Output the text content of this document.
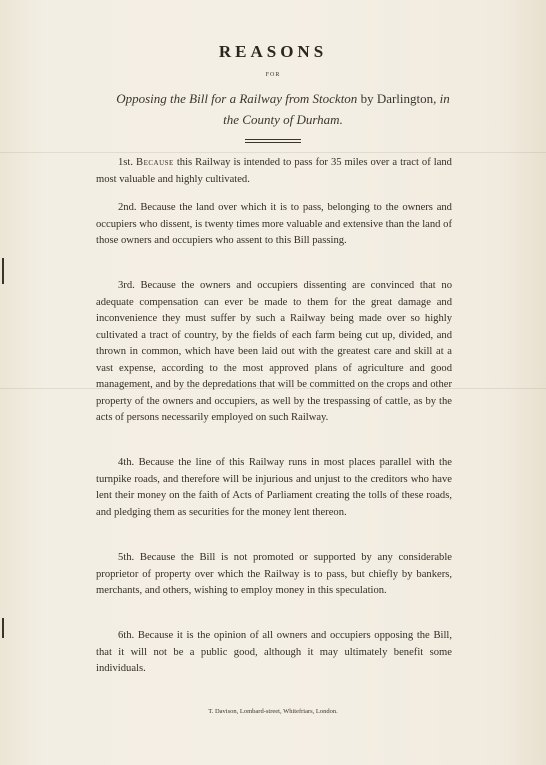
REASONS
FOR
Opposing the Bill for a Railway from Stockton by Darlington, in
the County of Durham.
1st. Because this Railway is intended to pass for 35 miles over a tract of land most valuable and highly cultivated.
2nd. Because the land over which it is to pass, belonging to the owners and occupiers who dissent, is twenty times more valuable and extensive than the land of those owners and occupiers who assent to this Bill passing.
3rd. Because the owners and occupiers dissenting are convinced that no adequate compensation can ever be made to them for the great damage and inconvenience they must suffer by such a Railway being made over so highly cultivated a tract of country, by the fields of each farm being cut up, divided, and thrown in common, which have been laid out with the greatest care and skill at a vast expense, according to the most approved plans of agriculture and good management, and by the depredations that will be committed on the crops and other property of the owners and occupiers, as well by the trespassing of cattle, as by the acts of persons necessarily employed on such Railway.
4th. Because the line of this Railway runs in most places parallel with the turnpike roads, and therefore will be injurious and unjust to the creditors who have lent their money on the faith of Acts of Parliament creating the tolls of these roads, and pledging them as securities for the money lent thereon.
5th. Because the Bill is not promoted or supported by any considerable proprietor of property over which the Railway is to pass, but chiefly by bankers, merchants, and others, wishing to employ money in this speculation.
6th. Because it is the opinion of all owners and occupiers opposing the Bill, that it will not be a public good, although it may ultimately benefit some individuals.
T. Davison, Lombard-street, Whitefriars, London.
